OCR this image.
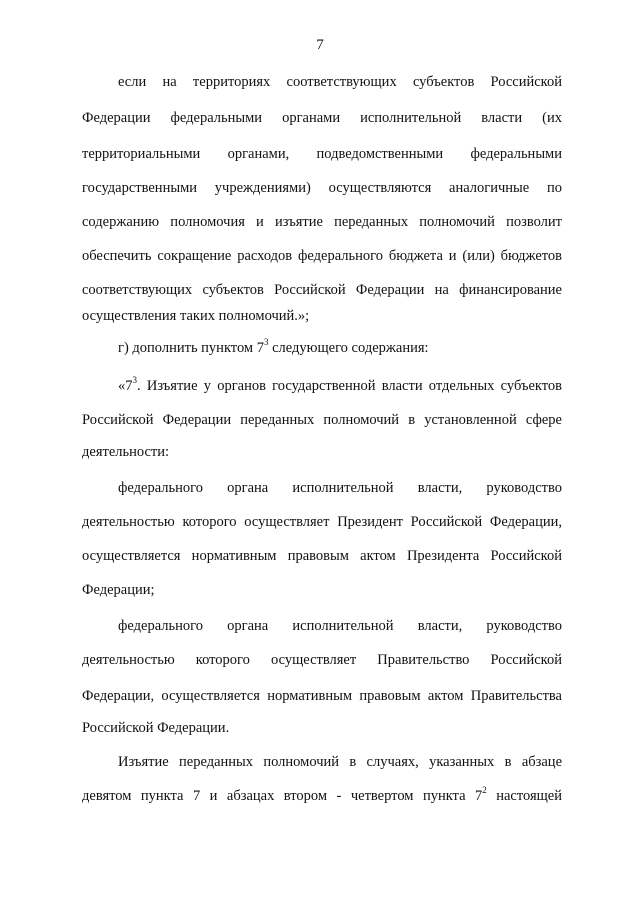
7
если на территориях соответствующих субъектов Российской
Федерации федеральными органами исполнительной власти (их
территориальными органами, подведомственными федеральными
государственными учреждениями) осуществляются аналогичные по
содержанию полномочия и изъятие переданных полномочий позволит
обеспечить сокращение расходов федерального бюджета и (или) бюджетов
соответствующих субъектов Российской Федерации на финансирование
осуществления таких полномочий.»;
г) дополнить пунктом $7^3$ следующего содержания:
«$7^3$. Изъятие у органов государственной власти отдельных субъектов
Российской Федерации переданных полномочий в установленной сфере
деятельности:
федерального органа исполнительной власти, руководство
деятельностью которого осуществляет Президент Российской Федерации,
осуществляется нормативным правовым актом Президента Российской
Федерации;
федерального органа исполнительной власти, руководство
деятельностью которого осуществляет Правительство Российской
Федерации, осуществляется нормативным правовым актом Правительства
Российской Федерации.
Изъятие переданных полномочий в случаях, указанных в абзаце
девятом пункта 7 и абзацах втором - четвертом пункта $7^2$ настоящей
